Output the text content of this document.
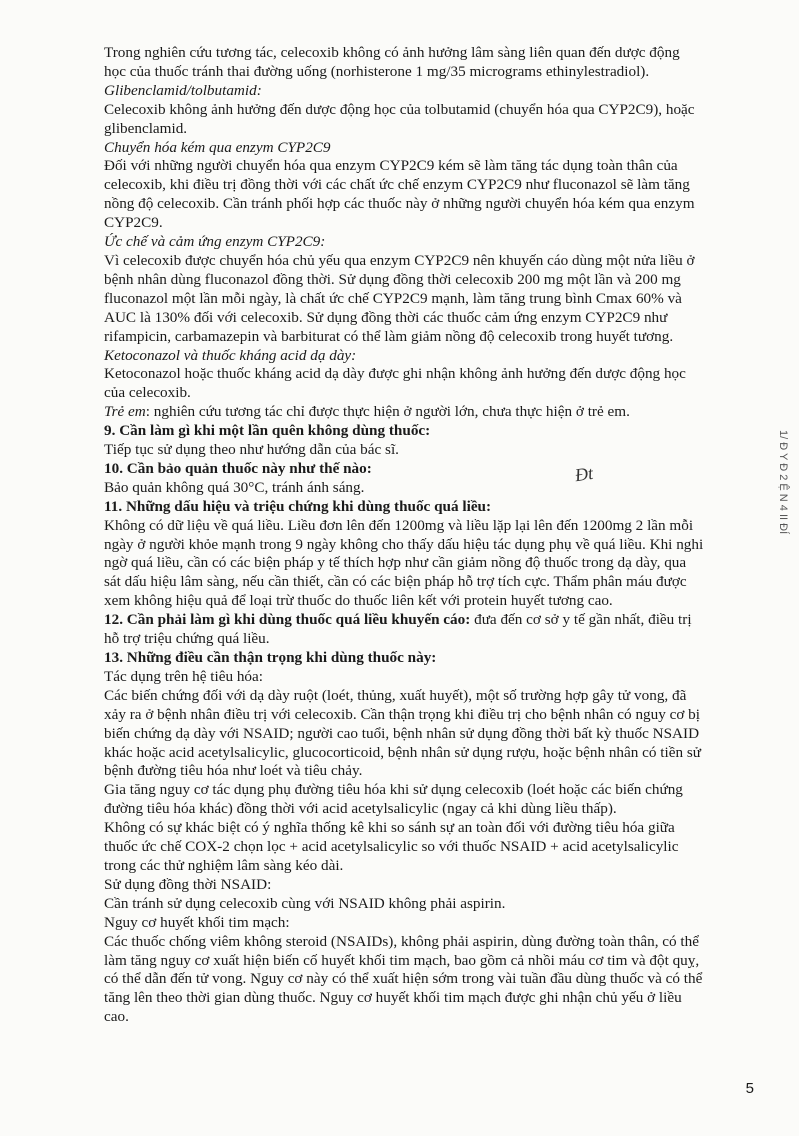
Trong nghiên cứu tương tác, celecoxib không có ảnh hưởng lâm sàng liên quan đến dược động

học của thuốc tránh thai đường uống (norhisterone 1 mg/35 micrograms ethinylestradiol).

Glibenclamid/tolbutamid:

Celecoxib không ảnh hưởng đến dược động học của tolbutamid (chuyển hóa qua CYP2C9), hoặc

glibenclamid.

Chuyển hóa kém qua enzym CYP2C9

Đối với những người chuyển hóa qua enzym CYP2C9 kém sẽ làm tăng tác dụng toàn thân của

celecoxib, khi điều trị đồng thời với các chất ức chế enzym CYP2C9 như fluconazol sẽ làm tăng

nồng độ celecoxib. Cần tránh phối hợp các thuốc này ở những người chuyển hóa kém qua enzym

CYP2C9.

Ức chế và cảm ứng enzym CYP2C9:

Vì celecoxib được chuyển hóa chủ yếu qua enzym CYP2C9 nên khuyến cáo dùng một nửa liều ở

bệnh nhân dùng fluconazol đồng thời. Sử dụng đồng thời celecoxib 200 mg một lần và 200 mg

fluconazol một lần mỗi ngày, là chất ức chế CYP2C9 mạnh, làm tăng trung bình Cmax 60% và

AUC là 130% đối với celecoxib. Sử dụng đồng thời các thuốc cảm ứng enzym CYP2C9 như

rifampicin, carbamazepin và barbiturat có thể làm giảm nồng độ celecoxib trong huyết tương.

Ketoconazol và thuốc kháng acid dạ dày:

Ketoconazol hoặc thuốc kháng acid dạ dày được ghi nhận không ảnh hưởng đến dược động học

của celecoxib.

Trẻ em: nghiên cứu tương tác chỉ được thực hiện ở người lớn, chưa thực hiện ở trẻ em.

9. Cần làm gì khi một lần quên không dùng thuốc:

Tiếp tục sử dụng theo như hướng dẫn của bác sĩ.

10. Cần bảo quản thuốc này như thế nào:

Bảo quản không quá 30°C, tránh ánh sáng.

11. Những dấu hiệu và triệu chứng khi dùng thuốc quá liều:

Không có dữ liệu về quá liều. Liều đơn lên đến 1200mg và liều lặp lại lên đến 1200mg 2 lần mỗi

ngày ở người khỏe mạnh trong 9 ngày không cho thấy dấu hiệu tác dụng phụ về quá liều. Khi nghi

ngờ quá liều, cần có các biện pháp y tế thích hợp như cần giảm nồng độ thuốc trong dạ dày, qua

sát dấu hiệu lâm sàng, nếu cần thiết, cần có các biện pháp hỗ trợ tích cực. Thẩm phân máu được

xem không hiệu quả để loại trừ thuốc do thuốc liên kết với protein huyết tương cao.

12. Cần phải làm gì khi dùng thuốc quá liều khuyến cáo: đưa đến cơ sở y tế gần nhất, điều trị

hỗ trợ triệu chứng quá liều.

13. Những điều cần thận trọng khi dùng thuốc này:

Tác dụng trên hệ tiêu hóa:

Các biến chứng đối với dạ dày ruột (loét, thủng, xuất huyết), một số trường hợp gây tử vong, đã

xảy ra ở bệnh nhân điều trị với celecoxib. Cần thận trọng khi điều trị cho bệnh nhân có nguy cơ bị

biến chứng dạ dày với NSAID; người cao tuổi, bệnh nhân sử dụng đồng thời bất kỳ thuốc NSAID

khác hoặc acid acetylsalicylic, glucocorticoid, bệnh nhân sử dụng rượu, hoặc bệnh nhân có tiền sử

bệnh đường tiêu hóa như loét và tiêu chảy.

Gia tăng nguy cơ tác dụng phụ đường tiêu hóa khi sử dụng celecoxib (loét hoặc các biến chứng

đường tiêu hóa khác) đồng thời với acid acetylsalicylic (ngay cả khi dùng liều thấp).

Không có sự khác biệt có ý nghĩa thống kê khi so sánh sự an toàn đối với đường tiêu hóa giữa

thuốc ức chế COX-2 chọn lọc + acid acetylsalicylic so với thuốc NSAID + acid acetylsalicylic

trong các thử nghiệm lâm sàng kéo dài.

Sử dụng đồng thời NSAID:

Cần tránh sử dụng celecoxib cùng với NSAID không phải aspirin.

Nguy cơ huyết khối tim mạch:

Các thuốc chống viêm không steroid (NSAIDs), không phải aspirin, dùng đường toàn thân, có thể

làm tăng nguy cơ xuất hiện biến cố huyết khối tim mạch, bao gồm cả nhồi máu cơ tim và đột quỵ,

có thể dẫn đến tử vong. Nguy cơ này có thể xuất hiện sớm trong vài tuần đầu dùng thuốc và có thể

tăng lên theo thời gian dùng thuốc. Nguy cơ huyết khối tim mạch được ghi nhận chủ yếu ở liều

cao.

Đt	1/ Đ Y Đ 2 Ệ N 4 II ĐÍ
5
